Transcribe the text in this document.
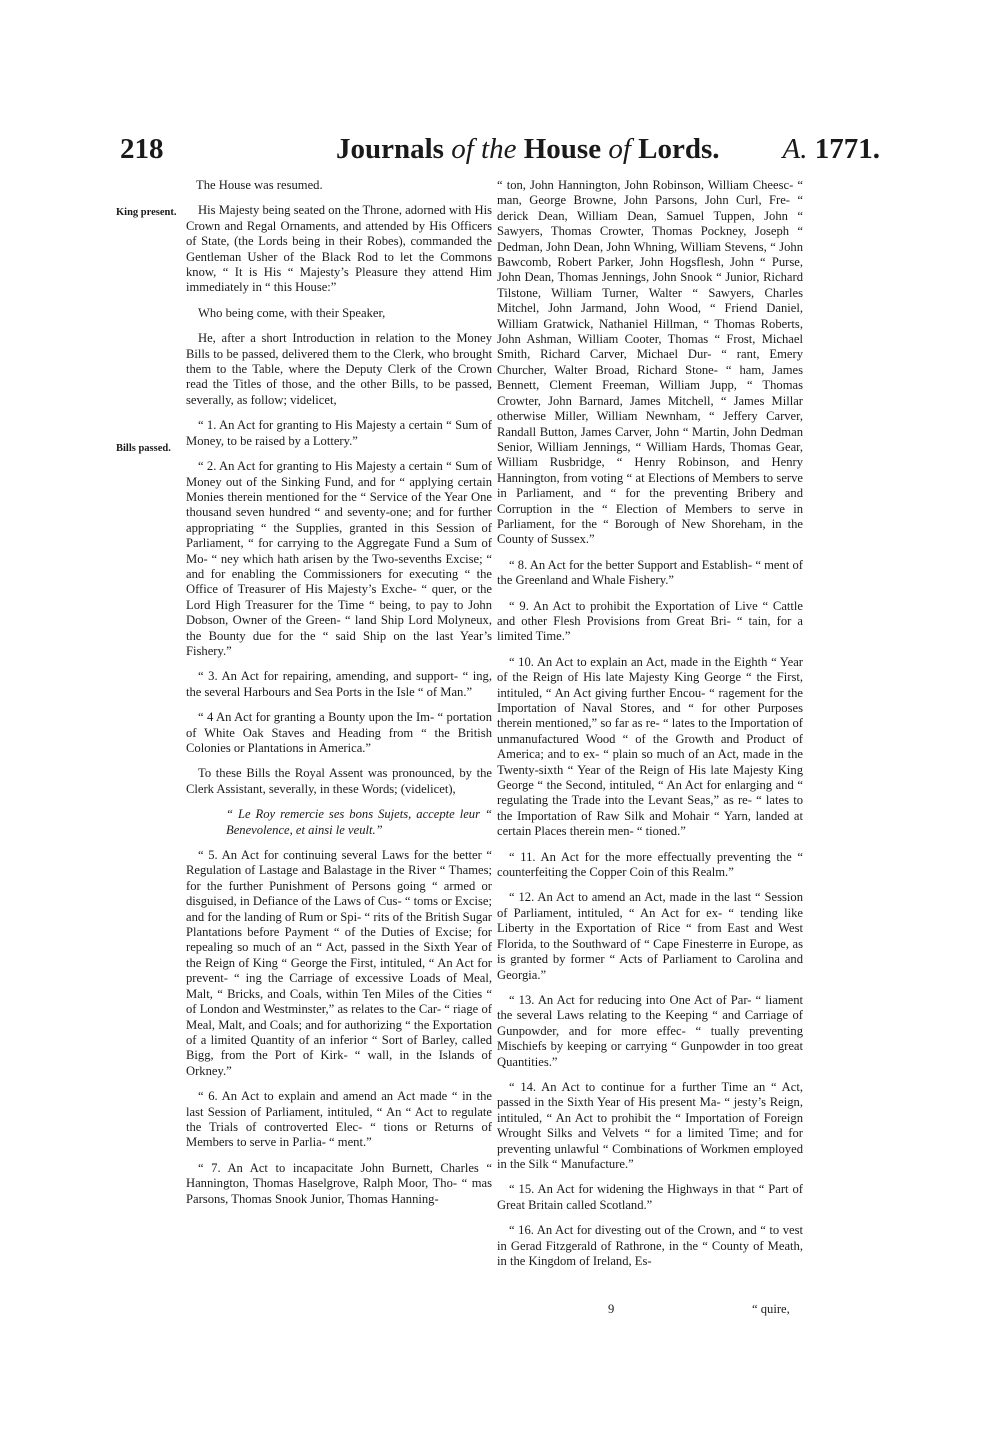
218	Journals of the House of Lords. A. 1771.
King present.
Bills passed.

The House was resumed.

His Majesty being seated on the Throne, adorned with His Crown and Regal Ornaments, and attended by His Officers of State, (the Lords being in their Robes), commanded the Gentleman Usher of the Black Rod to let the Commons know, “ It is His “ Majesty’s Pleasure they attend Him immediately in “ this House:”

Who being come, with their Speaker,

He, after a short Introduction in relation to the Money Bills to be passed, delivered them to the Clerk, who brought them to the Table, where the Deputy Clerk of the Crown read the Titles of those, and the other Bills, to be passed, severally, as follow; videlicet,

“ 1. An Act for granting to His Majesty a certain “ Sum of Money, to be raised by a Lottery.”

“ 2. An Act for granting to His Majesty a certain “ Sum of Money out of the Sinking Fund, and for “ applying certain Monies therein mentioned for the “ Service of the Year One thousand seven hundred “ and seventy-one; and for further appropriating “ the Supplies, granted in this Session of Parliament, “ for carrying to the Aggregate Fund a Sum of Mo- “ ney which hath arisen by the Two-sevenths Excise; “ and for enabling the Commissioners for executing “ the Office of Treasurer of His Majesty’s Exche- “ quer, or the Lord High Treasurer for the Time “ being, to pay to John Dobson, Owner of the Green- “ land Ship Lord Molyneux, the Bounty due for the “ said Ship on the last Year’s Fishery.”

“ 3. An Act for repairing, amending, and support- “ ing, the several Harbours and Sea Ports in the Isle “ of Man.”

“ 4 An Act for granting a Bounty upon the Im- “ portation of White Oak Staves and Heading from “ the British Colonies or Plantations in America.”

To these Bills the Royal Assent was pronounced, by the Clerk Assistant, severally, in these Words; (videlicet),

“ Le Roy remercie ses bons Sujets, accepte leur “ Benevolence, et ainsi le veult.”

“ 5. An Act for continuing several Laws for the better “ Regulation of Lastage and Balastage in the River “ Thames; for the further Punishment of Persons going “ armed or disguised, in Defiance of the Laws of Cus- “ toms or Excise; and for the landing of Rum or Spi- “ rits of the British Sugar Plantations before Payment “ of the Duties of Excise; for repealing so much of an “ Act, passed in the Sixth Year of the Reign of King “ George the First, intituled, “ An Act for prevent- “ ing the Carriage of excessive Loads of Meal, Malt, “ Bricks, and Coals, within Ten Miles of the Cities “ of London and Westminster,” as relates to the Car- “ riage of Meal, Malt, and Coals; and for authorizing “ the Exportation of a limited Quantity of an inferior “ Sort of Barley, called Bigg, from the Port of Kirk- “ wall, in the Islands of Orkney.”

“ 6. An Act to explain and amend an Act made “ in the last Session of Parliament, intituled, “ An “ Act to regulate the Trials of controverted Elec- “ tions or Returns of Members to serve in Parlia- “ ment.”

“ 7. An Act to incapacitate John Burnett, Charles “ Hannington, Thomas Haselgrove, Ralph Moor, Tho- “ mas Parsons, Thomas Snook Junior, Thomas Hanning-

“ ton, John Hannington, John Robinson, William Cheesc- “ man, George Browne, John Parsons, John Curl, Fre- “ derick Dean, William Dean, Samuel Tuppen, John “ Sawyers, Thomas Crowter, Thomas Pockney, Joseph “ Dedman, John Dean, John Whning, William Stevens, “ John Bawcomb, Robert Parker, John Hogsflesh, John “ Purse, John Dean, Thomas Jennings, John Snook “ Junior, Richard Tilstone, William Turner, Walter “ Sawyers, Charles Mitchel, John Jarmand, John Wood, “ Friend Daniel, William Gratwick, Nathaniel Hillman, “ Thomas Roberts, John Ashman, William Cooter, Thomas “ Frost, Michael Smith, Richard Carver, Michael Dur- “ rant, Emery Churcher, Walter Broad, Richard Stone- “ ham, James Bennett, Clement Freeman, William Jupp, “ Thomas Crowter, John Barnard, James Mitchell, “ James Millar otherwise Miller, William Newnham, “ Jeffery Carver, Randall Button, James Carver, John “ Martin, John Dedman Senior, William Jennings, “ William Hards, Thomas Gear, William Rusbridge, “ Henry Robinson, and Henry Hannington, from voting “ at Elections of Members to serve in Parliament, and “ for the preventing Bribery and Corruption in the “ Election of Members to serve in Parliament, for the “ Borough of New Shoreham, in the County of Sussex.”

“ 8. An Act for the better Support and Establish- “ ment of the Greenland and Whale Fishery.”

“ 9. An Act to prohibit the Exportation of Live “ Cattle and other Flesh Provisions from Great Bri- “ tain, for a limited Time.”

“ 10. An Act to explain an Act, made in the Eighth “ Year of the Reign of His late Majesty King George “ the First, intituled, “ An Act giving further Encou- “ ragement for the Importation of Naval Stores, and “ for other Purposes therein mentioned,” so far as re- “ lates to the Importation of unmanufactured Wood “ of the Growth and Product of America; and to ex- “ plain so much of an Act, made in the Twenty-sixth “ Year of the Reign of His late Majesty King George “ the Second, intituled, “ An Act for enlarging and “ regulating the Trade into the Levant Seas,” as re- “ lates to the Importation of Raw Silk and Mohair “ Yarn, landed at certain Places therein men- “ tioned.”

“ 11. An Act for the more effectually preventing the “ counterfeiting the Copper Coin of this Realm.”

“ 12. An Act to amend an Act, made in the last “ Session of Parliament, intituled, “ An Act for ex- “ tending like Liberty in the Exportation of Rice “ from East and West Florida, to the Southward of “ Cape Finesterre in Europe, as is granted by former “ Acts of Parliament to Carolina and Georgia.”

“ 13. An Act for reducing into One Act of Par- “ liament the several Laws relating to the Keeping “ and Carriage of Gunpowder, and for more effec- “ tually preventing Mischiefs by keeping or carrying “ Gunpowder in too great Quantities.”

“ 14. An Act to continue for a further Time an “ Act, passed in the Sixth Year of His present Ma- “ jesty’s Reign, intituled, “ An Act to prohibit the “ Importation of Foreign Wrought Silks and Velvets “ for a limited Time; and for preventing unlawful “ Combinations of Workmen employed in the Silk “ Manufacture.”

“ 15. An Act for widening the Highways in that “ Part of Great Britain called Scotland.”

“ 16. An Act for divesting out of the Crown, and “ to vest in Gerad Fitzgerald of Rathrone, in the “ County of Meath, in the Kingdom of Ireland, Es-

9	“ quire,
